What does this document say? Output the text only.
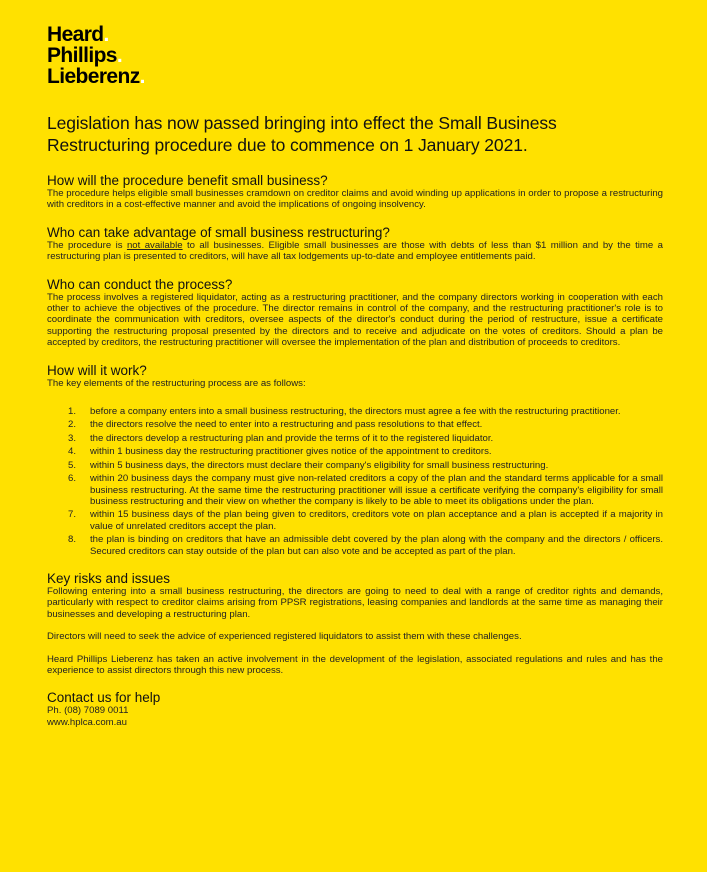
Heard.
Phillips.
Lieberenz.
Legislation has now passed bringing into effect the Small Business
Restructuring procedure due to commence on 1 January 2021.
How will the procedure benefit small business?

The procedure helps eligible small businesses cramdown on creditor claims and avoid winding up applications in order to propose a restructuring with creditors in a cost-effective manner and avoid the implications of ongoing insolvency.

Who can take advantage of small business restructuring?

The procedure is not available to all businesses. Eligible small businesses are those with debts of less than $1 million and by the time a restructuring plan is presented to creditors, will have all tax lodgements up-to-date and employee entitlements paid.

Who can conduct the process?

The process involves a registered liquidator, acting as a restructuring practitioner, and the company directors working in cooperation with each other to achieve the objectives of the procedure. The director remains in control of the company, and the restructuring practitioner's role is to coordinate the communication with creditors, oversee aspects of the director's conduct during the period of restructure, issue a certificate supporting the restructuring proposal presented by the directors and to receive and adjudicate on the votes of creditors. Should a plan be accepted by creditors, the restructuring practitioner will oversee the implementation of the plan and distribution of proceeds to creditors.

How will it work?

The key elements of the restructuring process are as follows:

1. before a company enters into a small business restructuring, the directors must agree a fee with the restructuring practitioner.
2. the directors resolve the need to enter into a restructuring and pass resolutions to that effect.
3. the directors develop a restructuring plan and provide the terms of it to the registered liquidator.
4. within 1 business day the restructuring practitioner gives notice of the appointment to creditors.
5. within 5 business days, the directors must declare their company's eligibility for small business restructuring.
6. within 20 business days the company must give non-related creditors a copy of the plan and the standard terms applicable for a small business restructuring. At the same time the restructuring practitioner will issue a certificate verifying the company's eligibility for small business restructuring and their view on whether the company is likely to be able to meet its obligations under the plan.
7. within 15 business days of the plan being given to creditors, creditors vote on plan acceptance and a plan is accepted if a majority in value of unrelated creditors accept the plan.
8. the plan is binding on creditors that have an admissible debt covered by the plan along with the company and the directors / officers. Secured creditors can stay outside of the plan but can also vote and be accepted as part of the plan.
Key risks and issues

Following entering into a small business restructuring, the directors are going to need to deal with a range of creditor rights and demands, particularly with respect to creditor claims arising from PPSR registrations, leasing companies and landlords at the same time as managing their businesses and developing a restructuring plan.

Directors will need to seek the advice of experienced registered liquidators to assist them with these challenges.

Heard Phillips Lieberenz has taken an active involvement in the development of the legislation, associated regulations and rules and has the experience to assist directors through this new process.

Contact us for help

Ph. (08) 7089 0011

www.hplca.com.au
